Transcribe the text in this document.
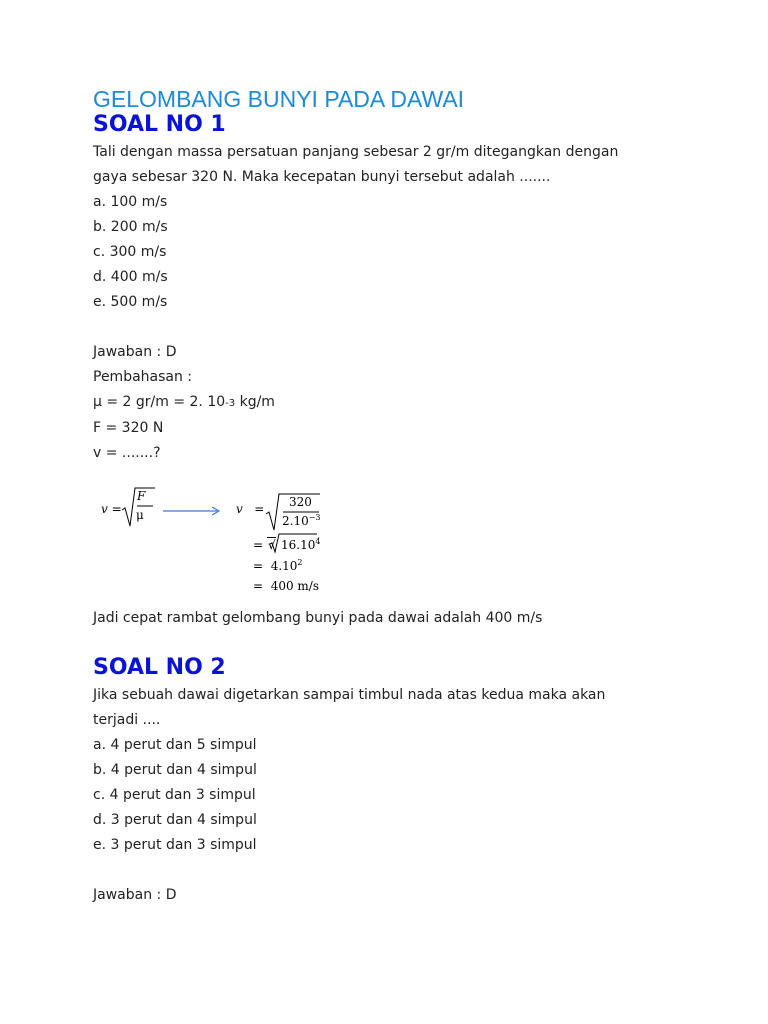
GELOMBANG BUNYI PADA DAWAI
SOAL NO 1

Tali dengan massa persatuan panjang sebesar 2 gr/m ditegangkan dengan

gaya sebesar 320 N. Maka kecepatan bunyi tersebut adalah .......

a. 100 m/s
b. 200 m/s
c. 300 m/s
d. 400 m/s
e. 500 m/s
Jawaban : D
Pembahasan :
μ = 2 gr/m = 2. 10-3 kg/m
F = 320 N
v = .......?
v =
F
μ	v = 320
$2.10^{-3}$
= √ $16.10^4$
= $4.10^2$
= 400 m/s

Jadi cepat rambat gelombang bunyi pada dawai adalah 400 m/s

SOAL NO 2

Jika sebuah dawai digetarkan sampai timbul nada atas kedua maka akan

terjadi ....

a. 4 perut dan 5 simpul
b. 4 perut dan 4 simpul
c. 4 perut dan 3 simpul
d. 3 perut dan 4 simpul
e. 3 perut dan 3 simpul
Jawaban : D
